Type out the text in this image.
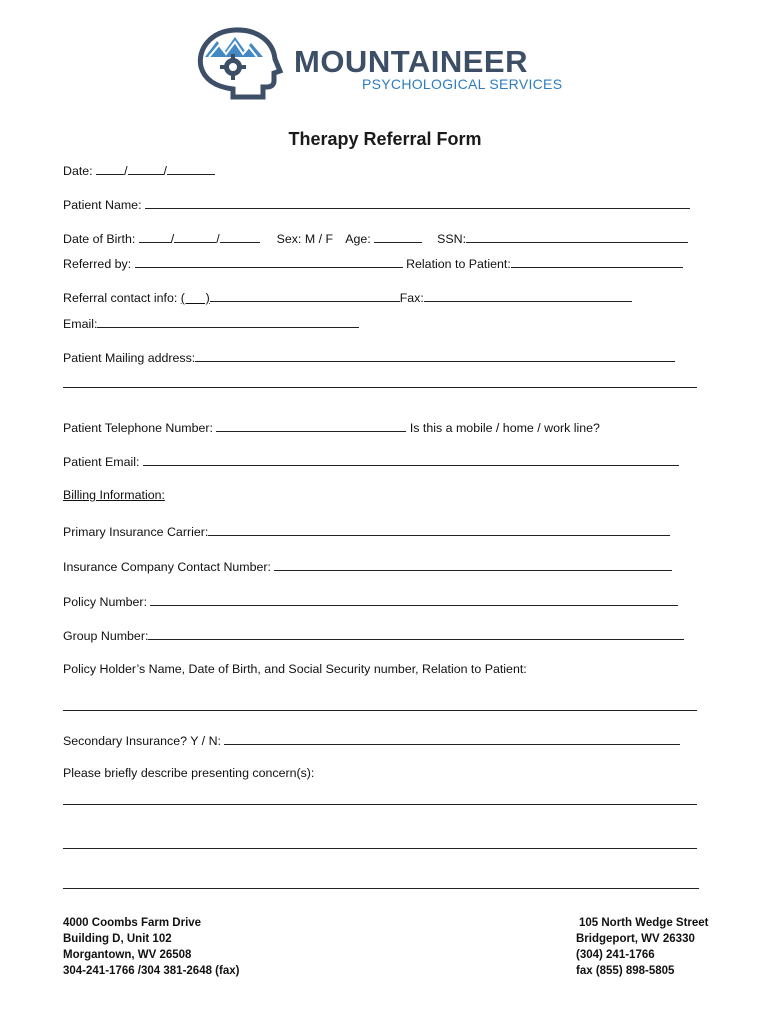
MOUNTAINEER
PSYCHOLOGICAL SERVICES
Therapy Referral Form
Date:	/	/
Patient Name:
Date of Birth:	/	/	Sex: M / F Age:	SSN:
Referred by:	Relation to Patient:
Referral contact info: (      )	Fax:
Email:
Patient Mailing address:
Patient Telephone Number:	Is this a mobile / home / work line?
Patient Email:
Billing Information:
Primary Insurance Carrier:
Insurance Company Contact Number:
Policy Number:
Group Number:
Policy Holder’s Name, Date of Birth, and Social Security number, Relation to Patient:
Secondary Insurance? Y / N:
Please briefly describe presenting concern(s):
4000 Coombs Farm Drive
Building D, Unit 102
Morgantown, WV 26508
304-241-1766 /304 381-2648 (fax)
105 North Wedge Street
Bridgeport, WV 26330
(304) 241-1766
fax (855) 898-5805
